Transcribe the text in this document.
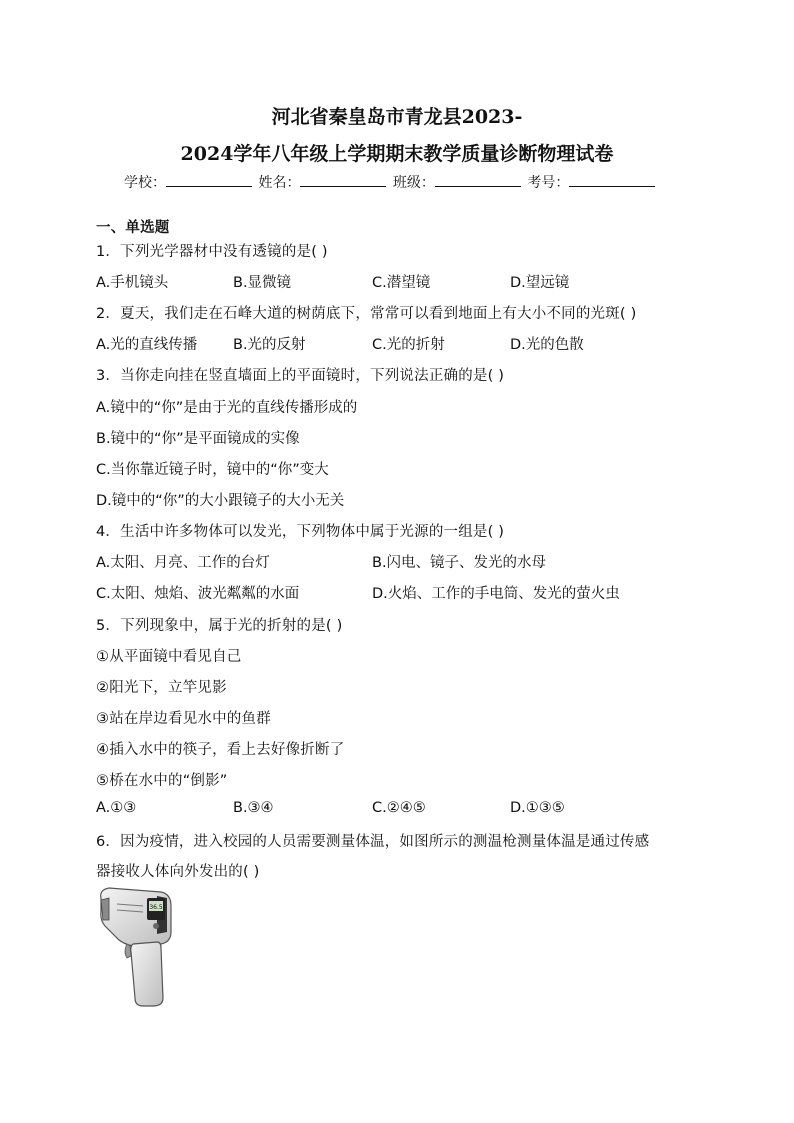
河北省秦皇岛市青龙县2023-
2024学年八年级上学期期末教学质量诊断物理试卷
学校：	姓名：	班级：	考号：
一、单选题
1．下列光学器材中没有透镜的是( )
A.手机镜头	B.显微镜	C.潜望镜	D.望远镜
2．夏天，我们走在石峰大道的树荫底下，常常可以看到地面上有大小不同的光斑( )
A.光的直线传播 B.光的反射	C.光的折射	D.光的色散
3．当你走向挂在竖直墙面上的平面镜时，下列说法正确的是( )
A.镜中的“你”是由于光的直线传播形成的
B.镜中的“你”是平面镜成的实像
C.当你靠近镜子时，镜中的“你”变大
D.镜中的“你”的大小跟镜子的大小无关
4．生活中许多物体可以发光，下列物体中属于光源的一组是( )
A.太阳、月亮、工作的台灯	B.闪电、镜子、发光的水母
C.太阳、烛焰、波光粼粼的水面	D.火焰、工作的手电筒、发光的萤火虫
5．下列现象中，属于光的折射的是( )
①从平面镜中看见自己
②阳光下，立竿见影
③站在岸边看见水中的鱼群
④插入水中的筷子，看上去好像折断了
⑤桥在水中的“倒影”
A.①③	B.③④	C.②④⑤	D.①③⑤
6．因为疫情，进入校园的人员需要测量体温，如图所示的测温枪测量体温是通过传感
器接收人体向外发出的( )
36.5
